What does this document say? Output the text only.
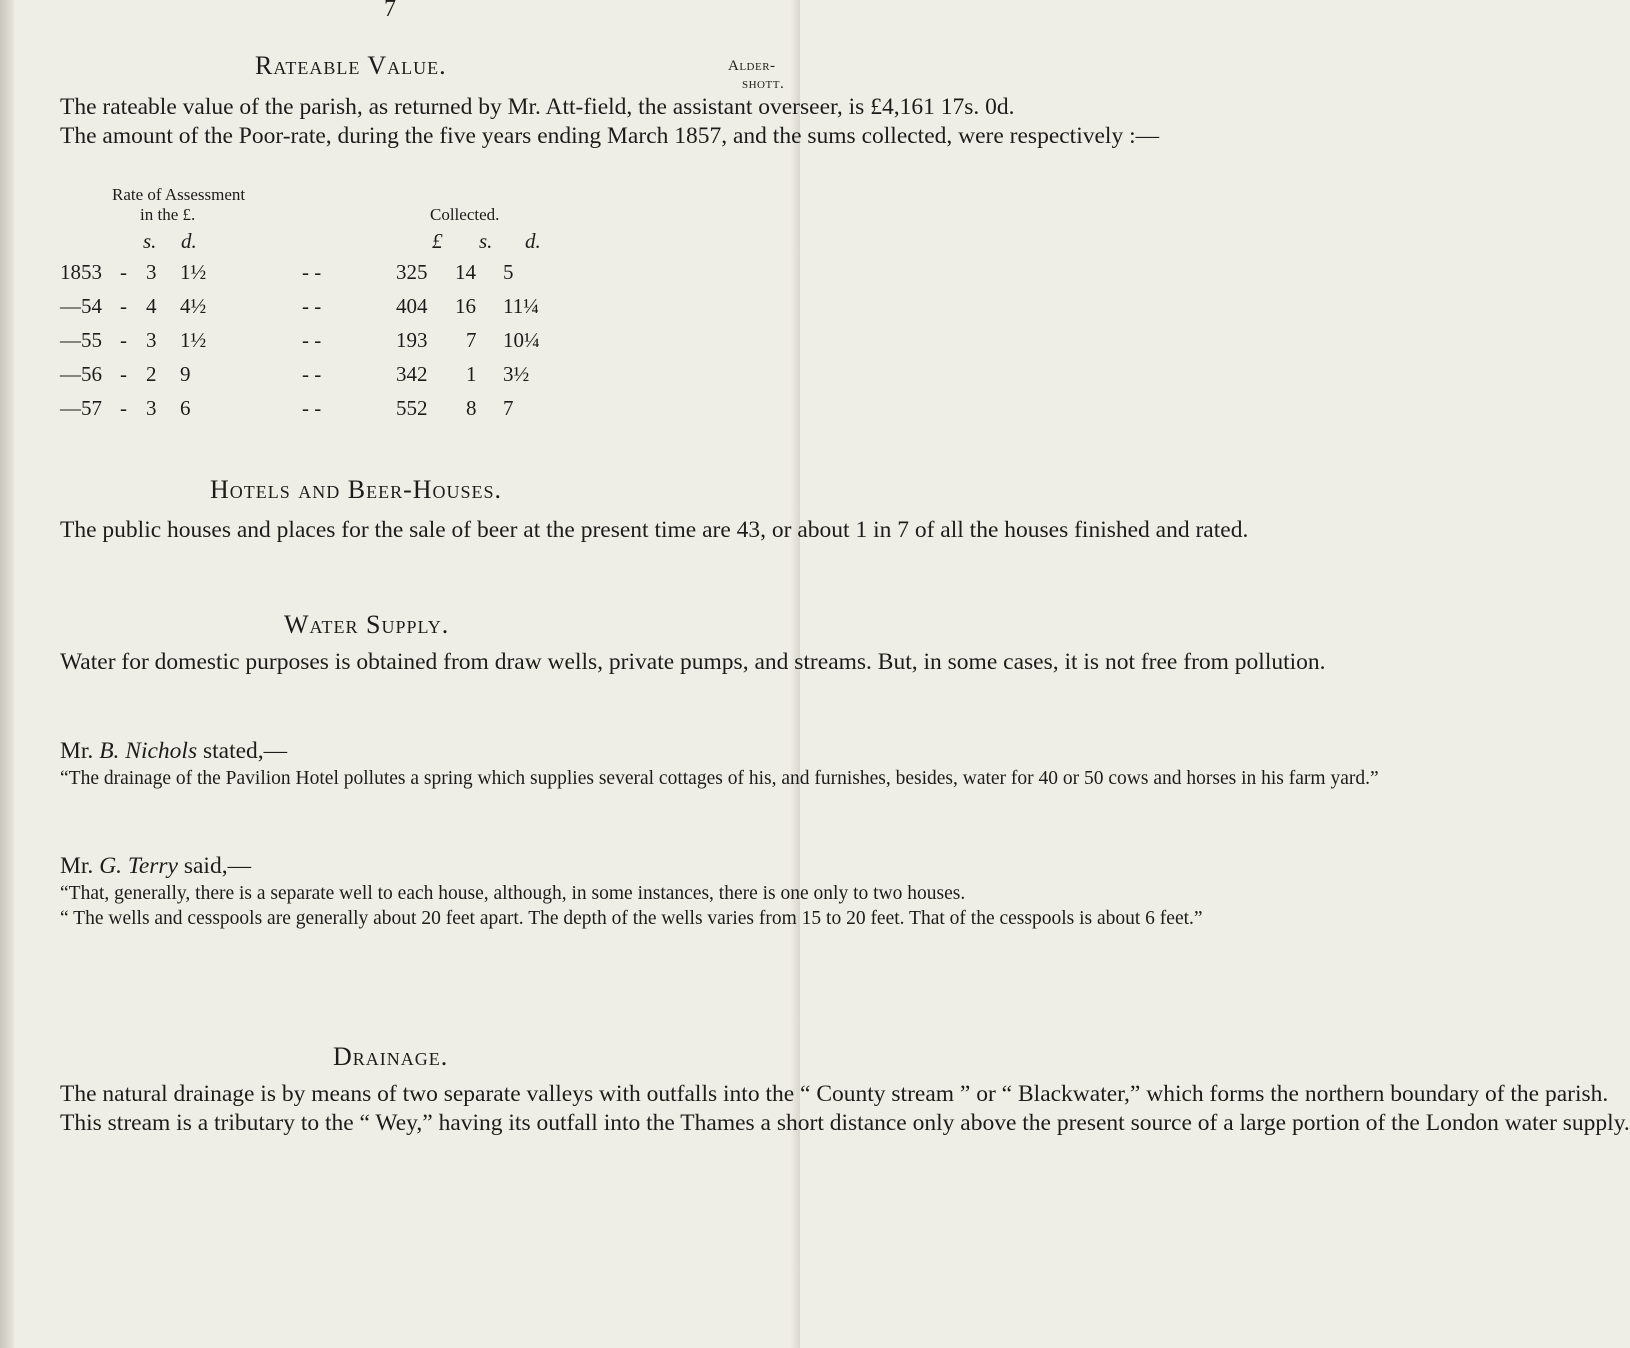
7
Alder-
shott.
Rateable Value.

The rateable value of the parish, as returned by Mr. Att-field, the assistant overseer, is £4,161 17s. 0d.

The amount of the Poor-rate, during the five years ending March 1857, and the sums collected, were respectively :—

Rate of Assessment
in the £.	Collected.
s. d.	£ s. d.
1853 - 3 1½	- -	325 14 5
—54 - 4 4½	- -	404 16 11¼
—55 - 3 1½	- -	193 7 10¼
—56 - 2 9	- -	342 1 3½
—57 - 3 6	- -	552 8 7
Hotels and Beer-Houses.

The public houses and places for the sale of beer at the present time are 43, or about 1 in 7 of all the houses finished and rated.

Water Supply.

Water for domestic purposes is obtained from draw wells, private pumps, and streams. But, in some cases, it is not free from pollution.

Mr. B. Nichols stated,—

“The drainage of the Pavilion Hotel pollutes a spring which supplies several cottages of his, and furnishes, besides, water for 40 or 50 cows and horses in his farm yard.”

Mr. G. Terry said,—

“That, generally, there is a separate well to each house, although, in some instances, there is one only to two houses.

“ The wells and cesspools are generally about 20 feet apart. The depth of the wells varies from 15 to 20 feet. That of the cesspools is about 6 feet.”

Drainage.

The natural drainage is by means of two separate valleys with outfalls into the “ County stream ” or “ Blackwater,” which forms the northern boundary of the parish.

This stream is a tributary to the “ Wey,” having its outfall into the Thames a short distance only above the present source of a large portion of the London water supply.
